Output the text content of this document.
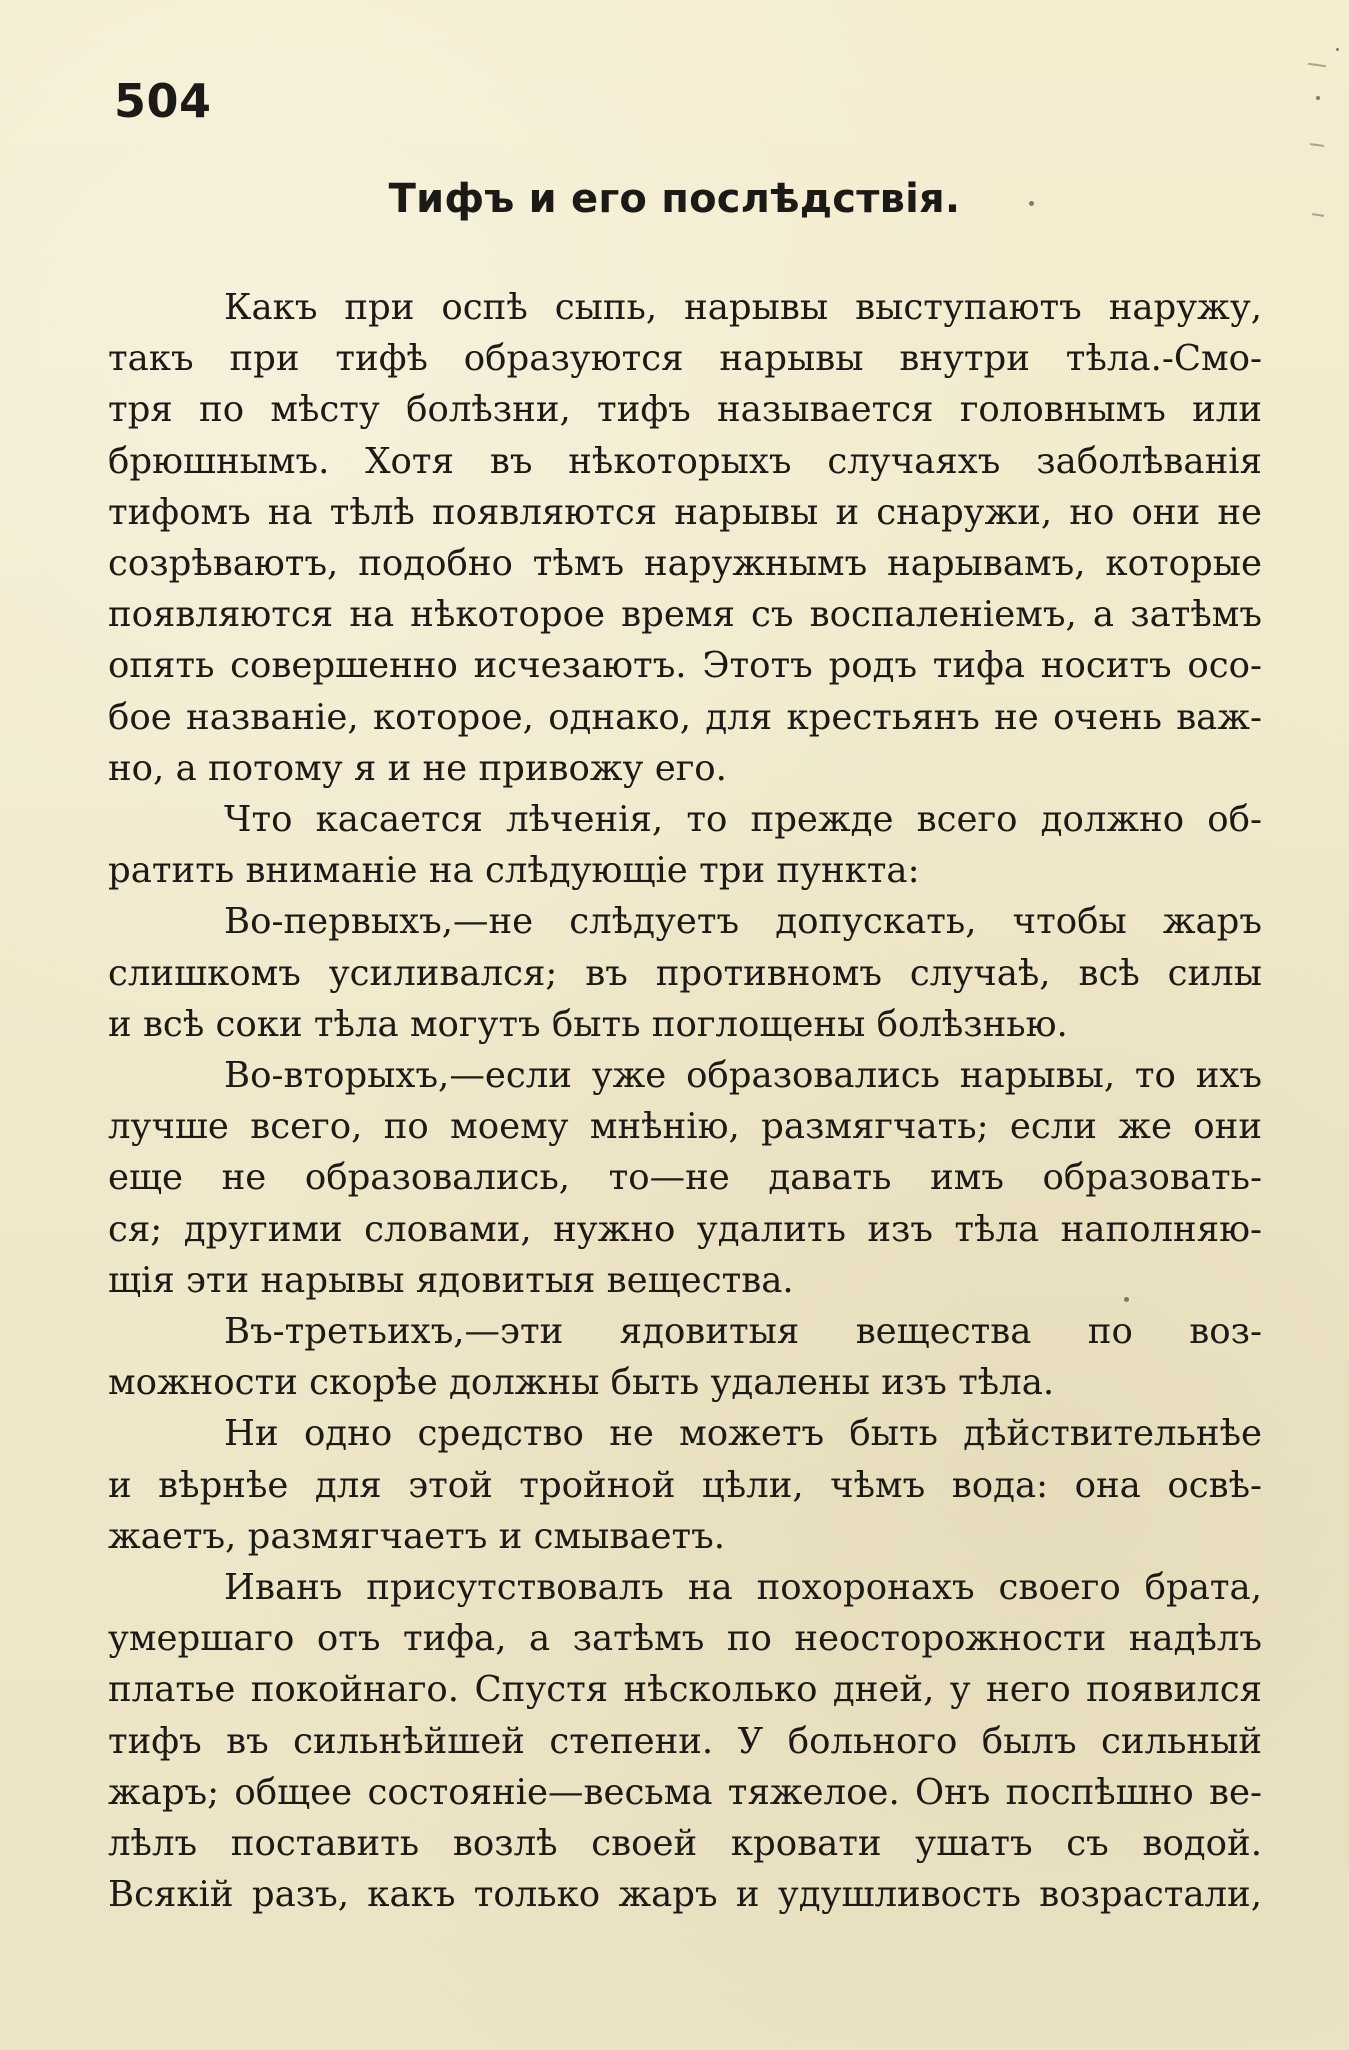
504
Тифъ и его послѣдствія.
Какъ при оспѣ сыпь, нарывы выступаютъ наружу,
такъ при тифѣ образуются нарывы внутри тѣла.-Смо-
тря по мѣсту болѣзни, тифъ называется головнымъ или
брюшнымъ. Хотя въ нѣкоторыхъ случаяхъ заболѣванія
тифомъ на тѣлѣ появляются нарывы и снаружи, но они не
созрѣваютъ, подобно тѣмъ наружнымъ нарывамъ, которые
появляются на нѣкоторое время съ воспаленіемъ, а затѣмъ
опять совершенно исчезаютъ. Этотъ родъ тифа носитъ осо-
бое названіе, которое, однако, для крестьянъ не очень важ-
но, а потому я и не привожу его.
Что касается лѣченія, то прежде всего должно об-
ратить вниманіе на слѣдующіе три пункта:
Во-первыхъ,—не слѣдуетъ допускать, чтобы жаръ
слишкомъ усиливался; въ противномъ случаѣ, всѣ силы
и всѣ соки тѣла могутъ быть поглощены болѣзнью.
Во-вторыхъ,—если уже образовались нарывы, то ихъ
лучше всего, по моему мнѣнію, размягчать; если же они
еще не образовались, то—не давать имъ образовать-
ся; другими словами, нужно удалить изъ тѣла наполняю-
щія эти нарывы ядовитыя вещества.
Въ-третьихъ,—эти ядовитыя вещества по воз-
можности скорѣе должны быть удалены изъ тѣла.
Ни одно средство не можетъ быть дѣйствительнѣе
и вѣрнѣе для этой тройной цѣли, чѣмъ вода: она освѣ-
жаетъ, размягчаетъ и смываетъ.
Иванъ присутствовалъ на похоронахъ своего брата,
умершаго отъ тифа, а затѣмъ по неосторожности надѣлъ
платье покойнаго. Спустя нѣсколько дней, у него появился
тифъ въ сильнѣйшей степени. У больного былъ сильный
жаръ; общее состояніе—весьма тяжелое. Онъ поспѣшно ве-
лѣлъ поставить возлѣ своей кровати ушатъ съ водой.
Всякій разъ, какъ только жаръ и удушливость возрастали,
